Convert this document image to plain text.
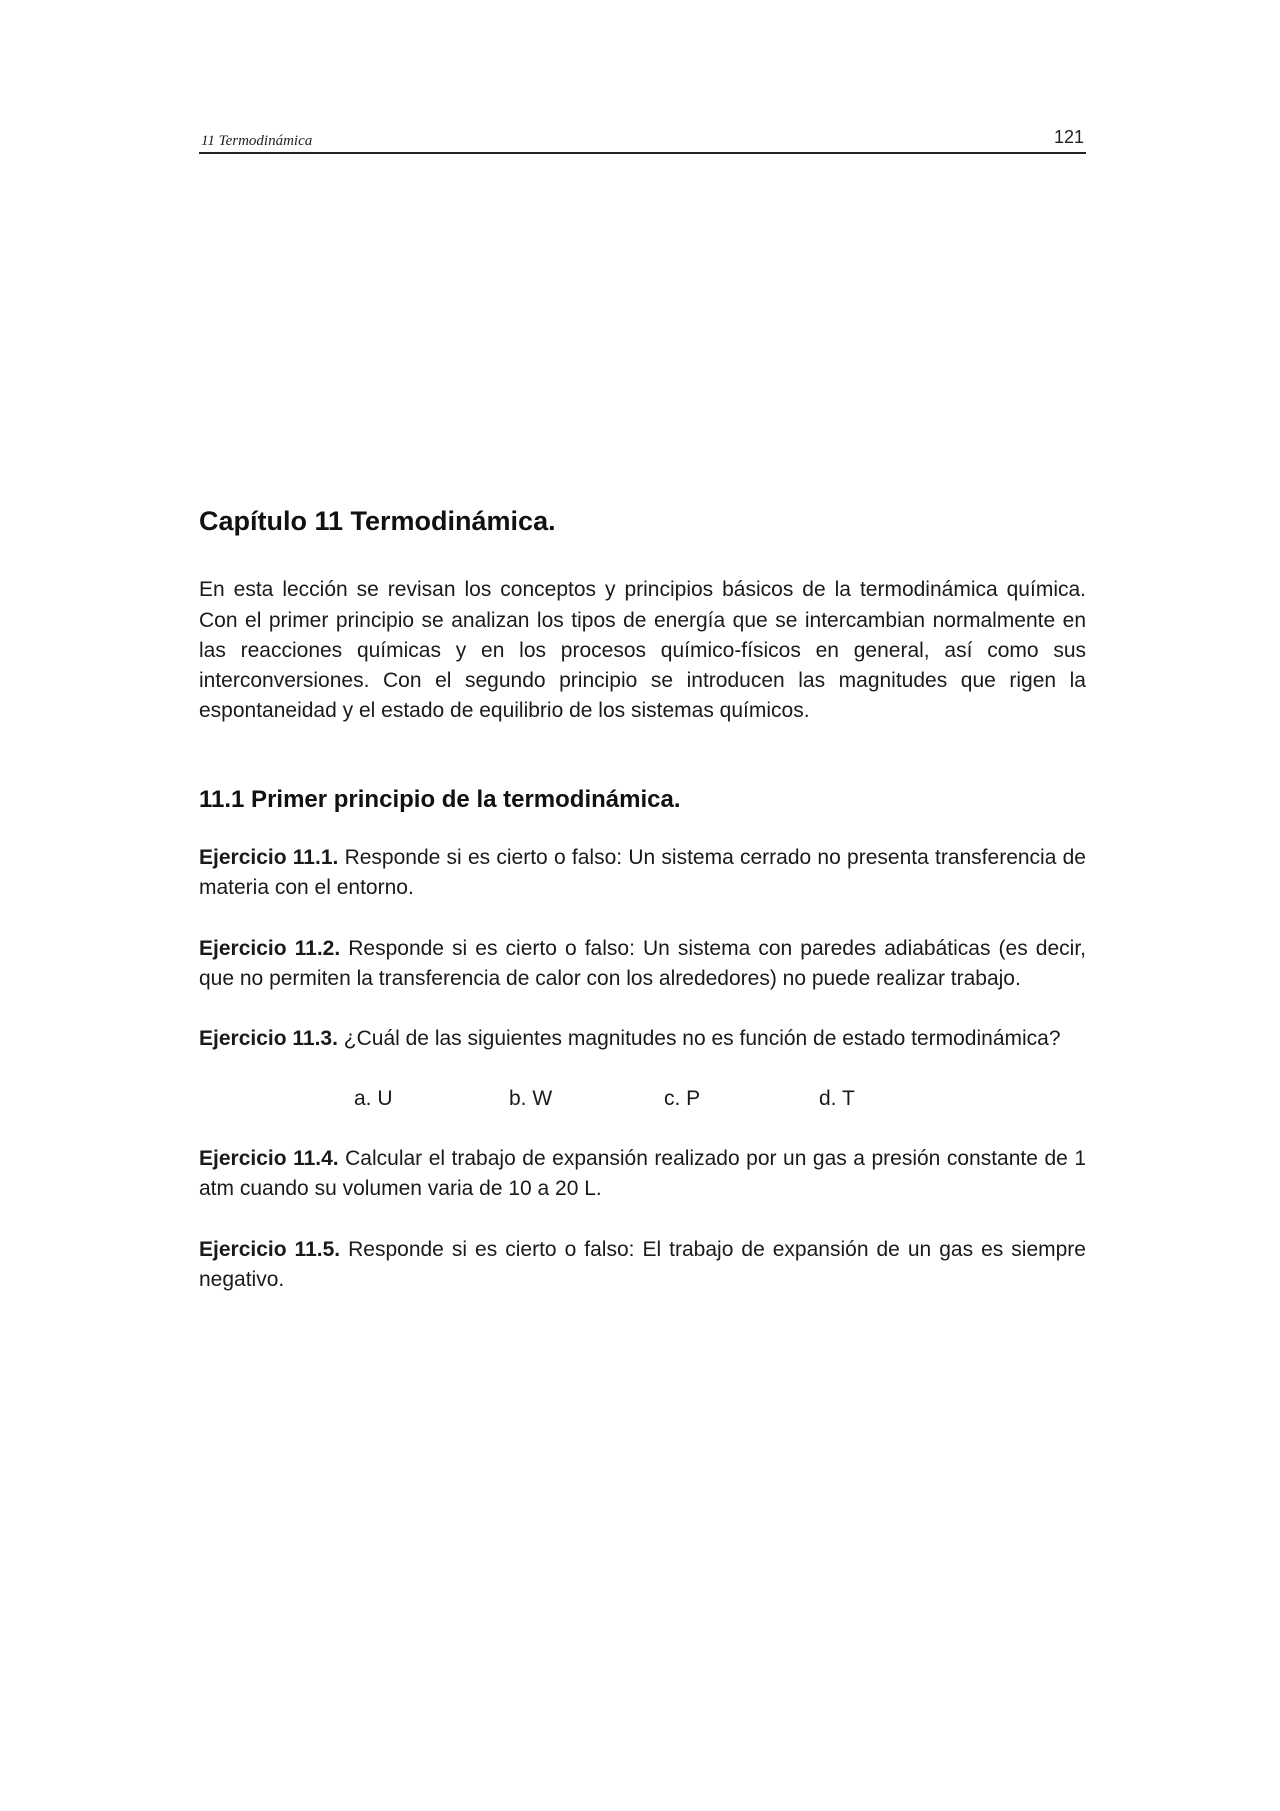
11 Termodinámica	121
Capítulo 11 Termodinámica.

En esta lección se revisan los conceptos y principios básicos de la termodinámica química. Con el primer principio se analizan los tipos de energía que se intercambian normalmente en las reacciones químicas y en los procesos químico-físicos en general, así como sus interconversiones. Con el segundo principio se introducen las magnitudes que rigen la espontaneidad y el estado de equilibrio de los sistemas químicos.

11.1 Primer principio de la termodinámica.

Ejercicio 11.1. Responde si es cierto o falso: Un sistema cerrado no presenta transferencia de materia con el entorno.

Ejercicio 11.2. Responde si es cierto o falso: Un sistema con paredes adiabáticas (es decir, que no permiten la transferencia de calor con los alrededores) no puede realizar trabajo.

Ejercicio 11.3. ¿Cuál de las siguientes magnitudes no es función de estado termodinámica?

a. U	b. W	c. P	d. T

Ejercicio 11.4. Calcular el trabajo de expansión realizado por un gas a presión constante de 1 atm cuando su volumen varia de 10 a 20 L.

Ejercicio 11.5. Responde si es cierto o falso: El trabajo de expansión de un gas es siempre negativo.
